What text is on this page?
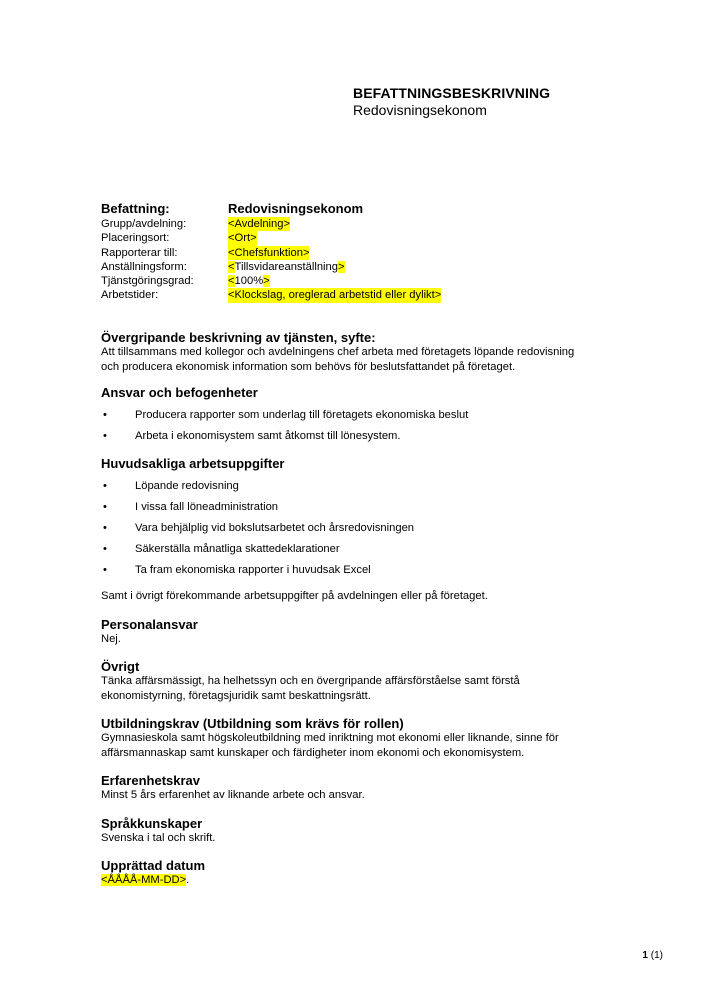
BEFATTNINGSBESKRIVNING
Redovisningsekonom
Befattning:	Redovisningsekonom
Grupp/avdelning:	<Avdelning>
Placeringsort:	<Ort>
Rapporterar till:	<Chefsfunktion>
Anställningsform:	<Tillsvidareanställning>
Tjänstgöringsgrad:	<100%>
Arbetstider:	<Klockslag, oreglerad arbetstid eller dylikt>
Övergripande beskrivning av tjänsten, syfte:
Att tillsammans med kollegor och avdelningens chef arbeta med företagets löpande redovisning
och producera ekonomisk information som behövs för beslutsfattandet på företaget.
Ansvar och befogenheter
•	Producera rapporter som underlag till företagets ekonomiska beslut
•	Arbeta i ekonomisystem samt åtkomst till lönesystem.
Huvudsakliga arbetsuppgifter
•	Löpande redovisning
•	I vissa fall löneadministration
•	Vara behjälplig vid bokslutsarbetet och årsredovisningen
•	Säkerställa månatliga skattedeklarationer
•	Ta fram ekonomiska rapporter i huvudsak Excel
Samt i övrigt förekommande arbetsuppgifter på avdelningen eller på företaget.
Personalansvar
Nej.
Övrigt
Tänka affärsmässigt, ha helhetssyn och en övergripande affärsförståelse samt förstå
ekonomistyrning, företagsjuridik samt beskattningsrätt.
Utbildningskrav (Utbildning som krävs för rollen)
Gymnasieskola samt högskoleutbildning med inriktning mot ekonomi eller liknande, sinne för
affärsmannaskap samt kunskaper och färdigheter inom ekonomi och ekonomisystem.
Erfarenhetskrav
Minst 5 års erfarenhet av liknande arbete och ansvar.
Språkkunskaper
Svenska i tal och skrift.
Upprättad datum
<ÅÅÅÅ-MM-DD>.
1 (1)
